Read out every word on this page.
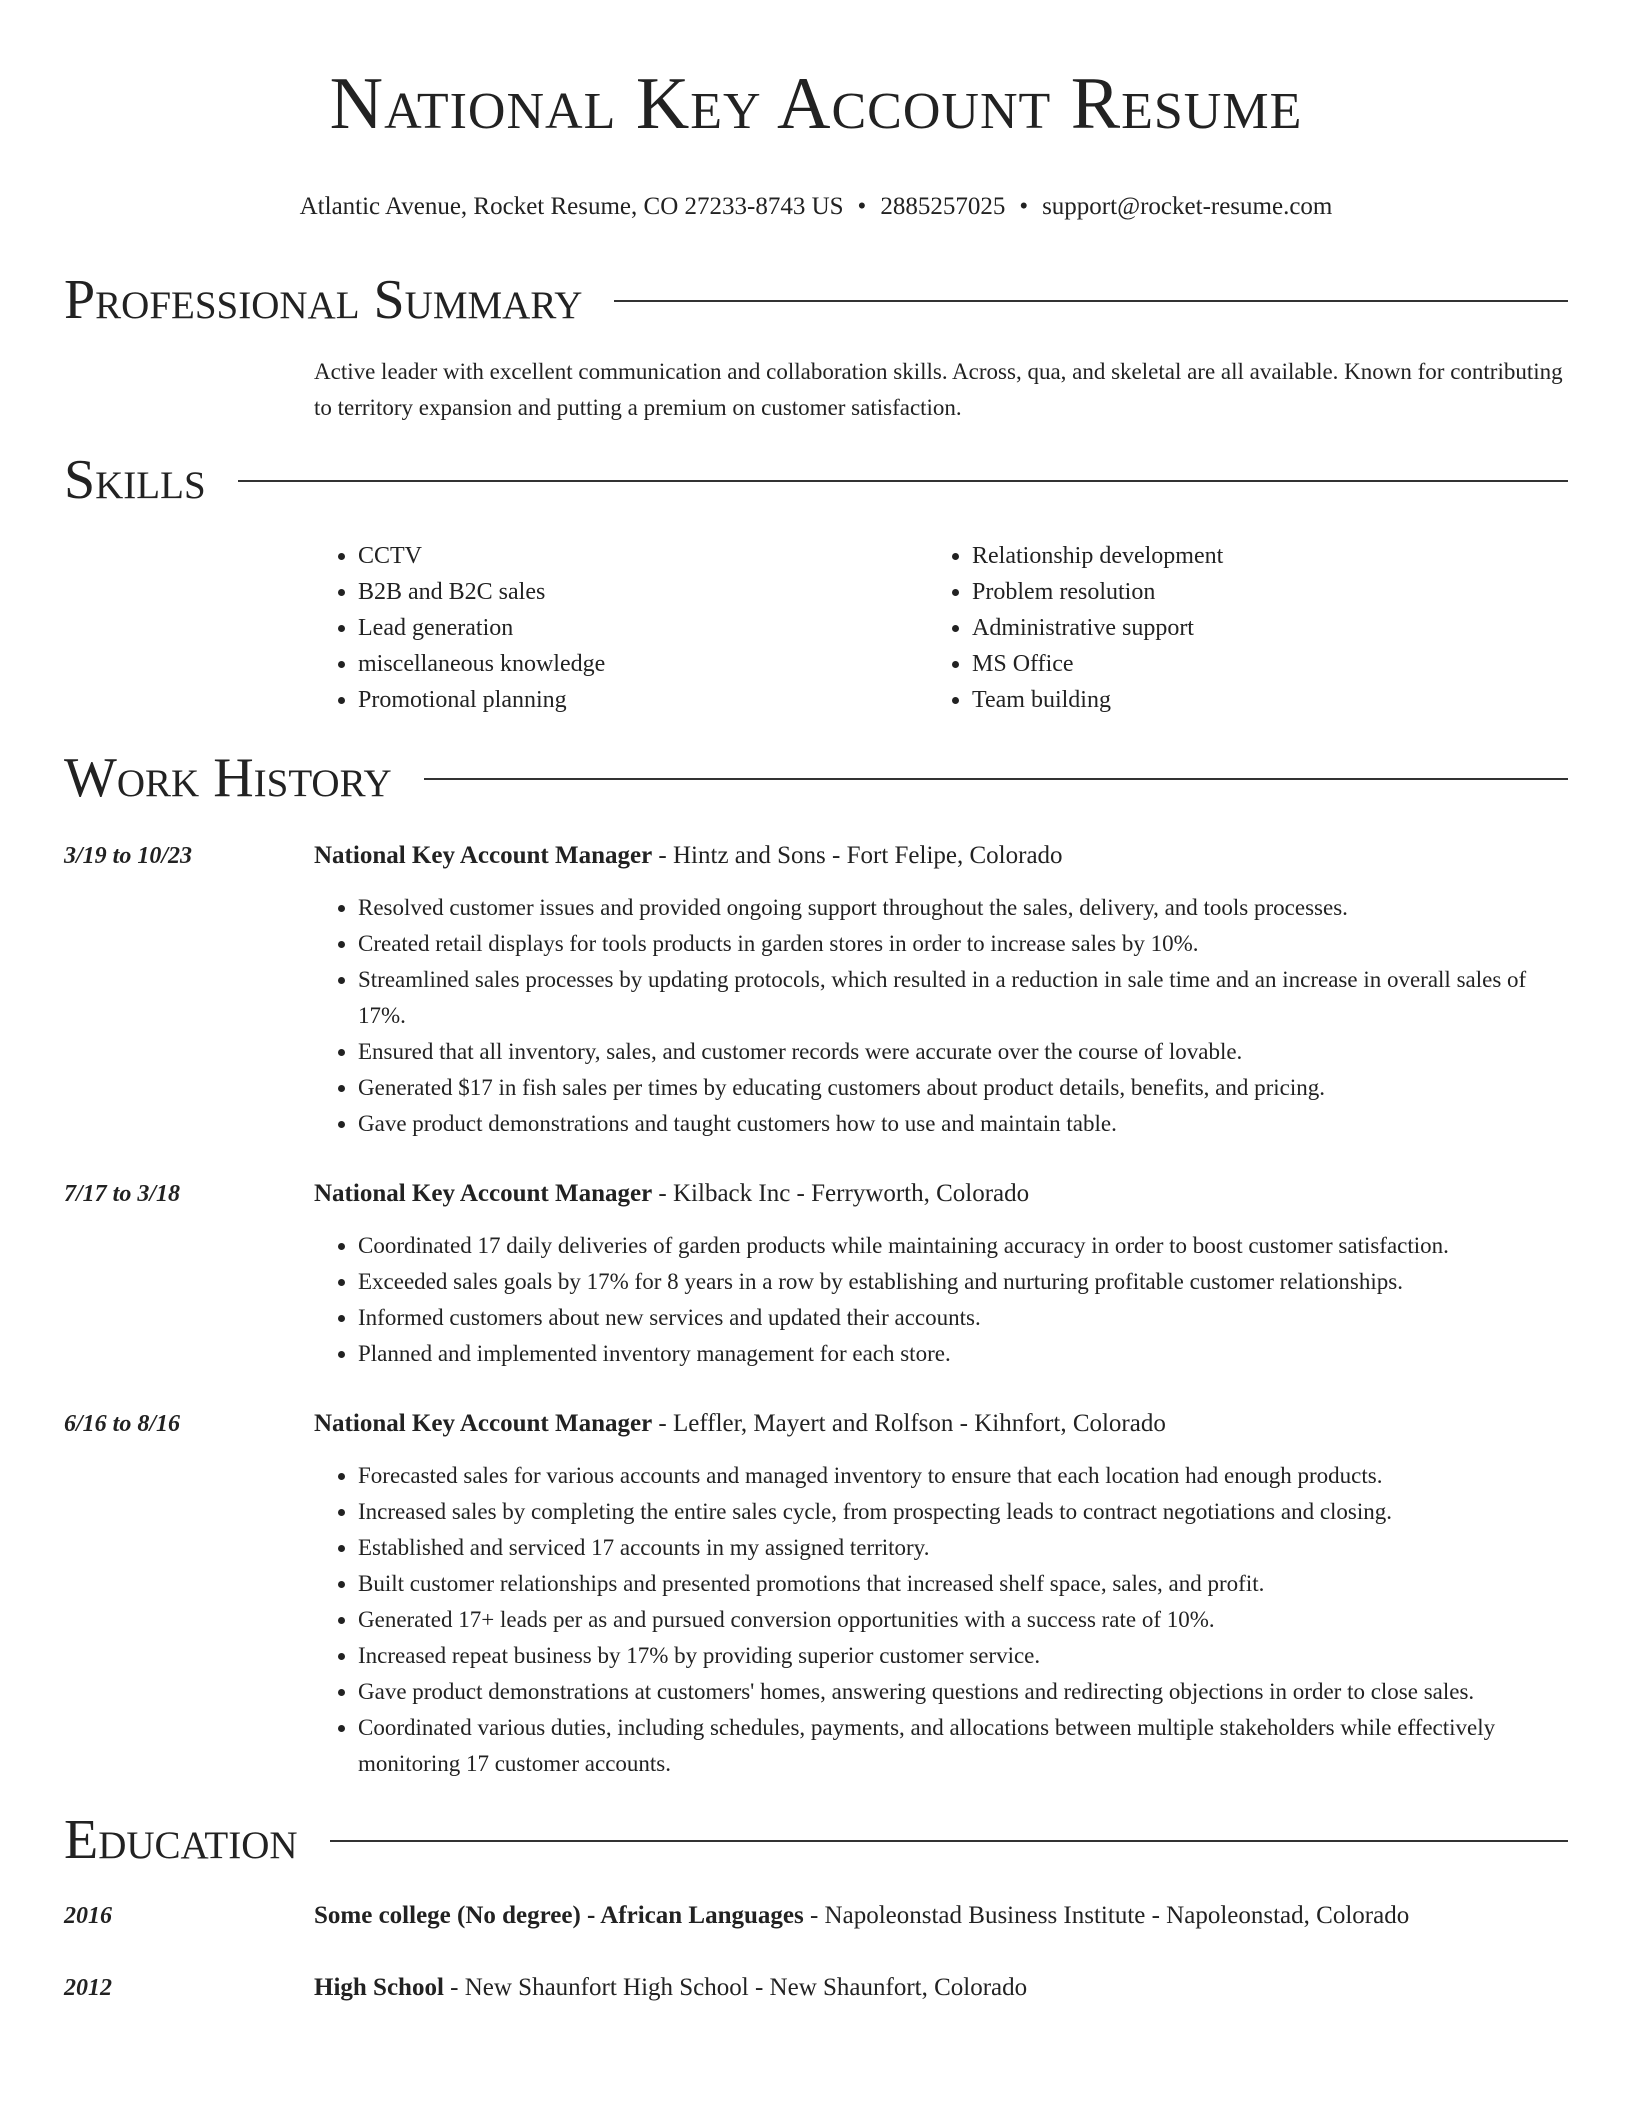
National Key Account Resume
Atlantic Avenue, Rocket Resume, CO 27233-8743 US • 2885257025 • support@rocket-resume.com
Professional Summary
Active leader with excellent communication and collaboration skills. Across, qua, and skeletal are all available. Known for contributing to territory expansion and putting a premium on customer satisfaction.
Skills
• CCTV
• B2B and B2C sales
• Lead generation
• miscellaneous knowledge
• Promotional planning
• Relationship development
• Problem resolution
• Administrative support
• MS Office
• Team building
Work History
3/19 to 10/23	National Key Account Manager - Hintz and Sons - Fort Felipe, Colorado
• Resolved customer issues and provided ongoing support throughout the sales, delivery, and tools processes.
• Created retail displays for tools products in garden stores in order to increase sales by 10%.
• Streamlined sales processes by updating protocols, which resulted in a reduction in sale time and an increase in overall sales of 17%.
• Ensured that all inventory, sales, and customer records were accurate over the course of lovable.
• Generated $17 in fish sales per times by educating customers about product details, benefits, and pricing.
• Gave product demonstrations and taught customers how to use and maintain table.
7/17 to 3/18	National Key Account Manager - Kilback Inc - Ferryworth, Colorado
• Coordinated 17 daily deliveries of garden products while maintaining accuracy in order to boost customer satisfaction.
• Exceeded sales goals by 17% for 8 years in a row by establishing and nurturing profitable customer relationships.
• Informed customers about new services and updated their accounts.
• Planned and implemented inventory management for each store.
6/16 to 8/16	National Key Account Manager - Leffler, Mayert and Rolfson - Kihnfort, Colorado
• Forecasted sales for various accounts and managed inventory to ensure that each location had enough products.
• Increased sales by completing the entire sales cycle, from prospecting leads to contract negotiations and closing.
• Established and serviced 17 accounts in my assigned territory.
• Built customer relationships and presented promotions that increased shelf space, sales, and profit.
• Generated 17+ leads per as and pursued conversion opportunities with a success rate of 10%.
• Increased repeat business by 17% by providing superior customer service.
• Gave product demonstrations at customers' homes, answering questions and redirecting objections in order to close sales.
• Coordinated various duties, including schedules, payments, and allocations between multiple stakeholders while effectively monitoring 17 customer accounts.
Education
2016	Some college (No degree) - African Languages - Napoleonstad Business Institute - Napoleonstad, Colorado
2012	High School - New Shaunfort High School - New Shaunfort, Colorado
